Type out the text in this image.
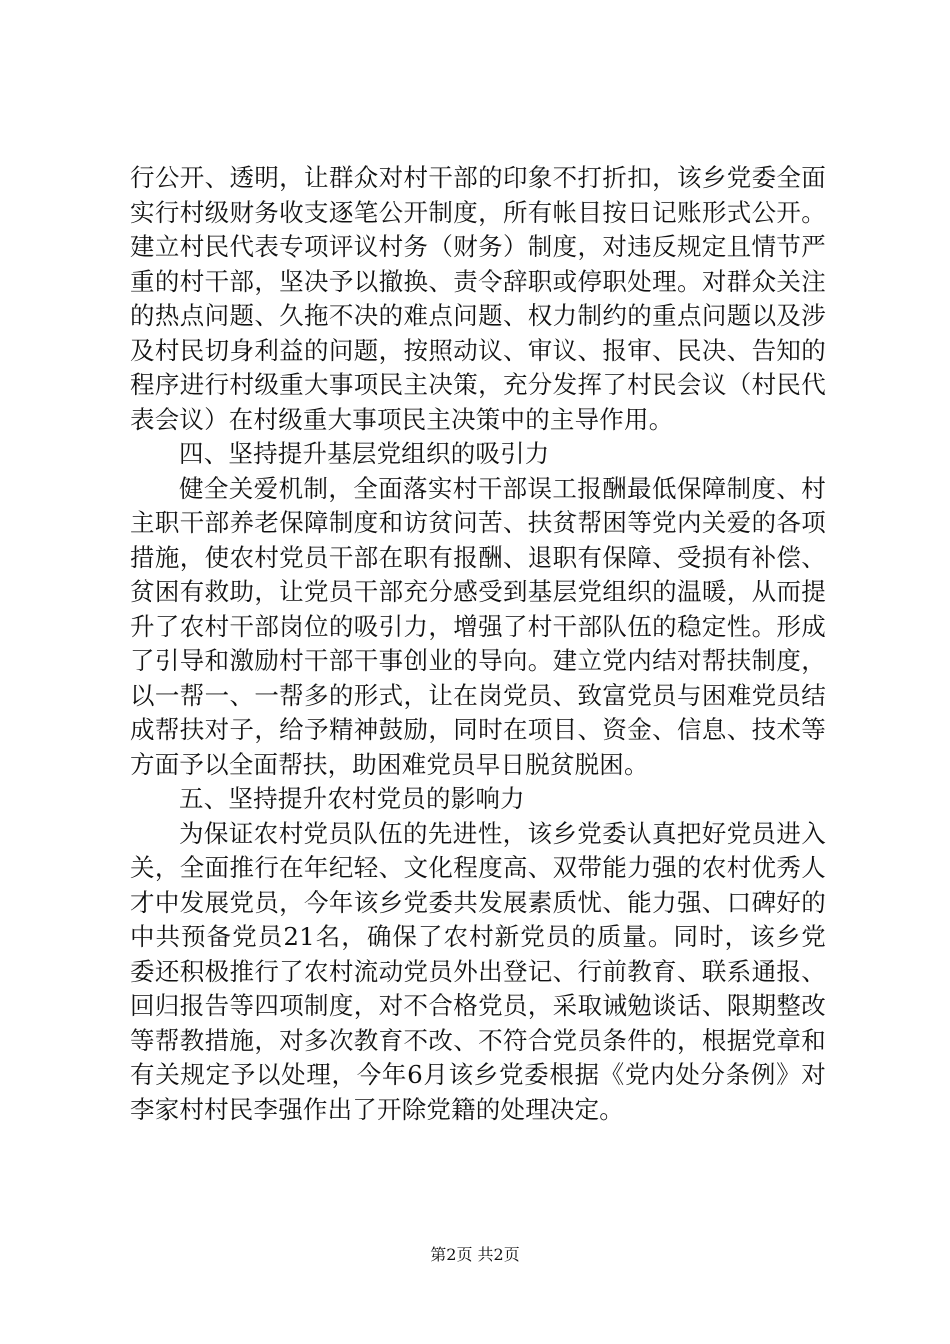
行公开、透明，让群众对村干部的印象不打折扣，该乡党委全面实行村级财务收支逐笔公开制度，所有帐目按日记账形式公开。建立村民代表专项评议村务（财务）制度，对违反规定且情节严重的村干部，坚决予以撤换、责令辞职或停职处理。对群众关注的热点问题、久拖不决的难点问题、权力制约的重点问题以及涉及村民切身利益的问题，按照动议、审议、报审、民决、告知的程序进行村级重大事项民主决策，充分发挥了村民会议（村民代表会议）在村级重大事项民主决策中的主导作用。

四、坚持提升基层党组织的吸引力

健全关爱机制，全面落实村干部误工报酬最低保障制度、村主职干部养老保障制度和访贫问苦、扶贫帮困等党内关爱的各项措施，使农村党员干部在职有报酬、退职有保障、受损有补偿、贫困有救助，让党员干部充分感受到基层党组织的温暖，从而提升了农村干部岗位的吸引力，增强了村干部队伍的稳定性。形成了引导和激励村干部干事创业的导向。建立党内结对帮扶制度，以一帮一、一帮多的形式，让在岗党员、致富党员与困难党员结成帮扶对子，给予精神鼓励，同时在项目、资金、信息、技术等方面予以全面帮扶，助困难党员早日脱贫脱困。

五、坚持提升农村党员的影响力

为保证农村党员队伍的先进性，该乡党委认真把好党员进入关，全面推行在年纪轻、文化程度高、双带能力强的农村优秀人才中发展党员，今年该乡党委共发展素质忧、能力强、口碑好的中共预备党员21名，确保了农村新党员的质量。同时，该乡党委还积极推行了农村流动党员外出登记、行前教育、联系通报、回归报告等四项制度，对不合格党员，采取诫勉谈话、限期整改等帮教措施，对多次教育不改、不符合党员条件的，根据党章和有关规定予以处理，今年6月该乡党委根据《党内处分条例》对李家村村民李强作出了开除党籍的处理决定。

第2页 共2页
